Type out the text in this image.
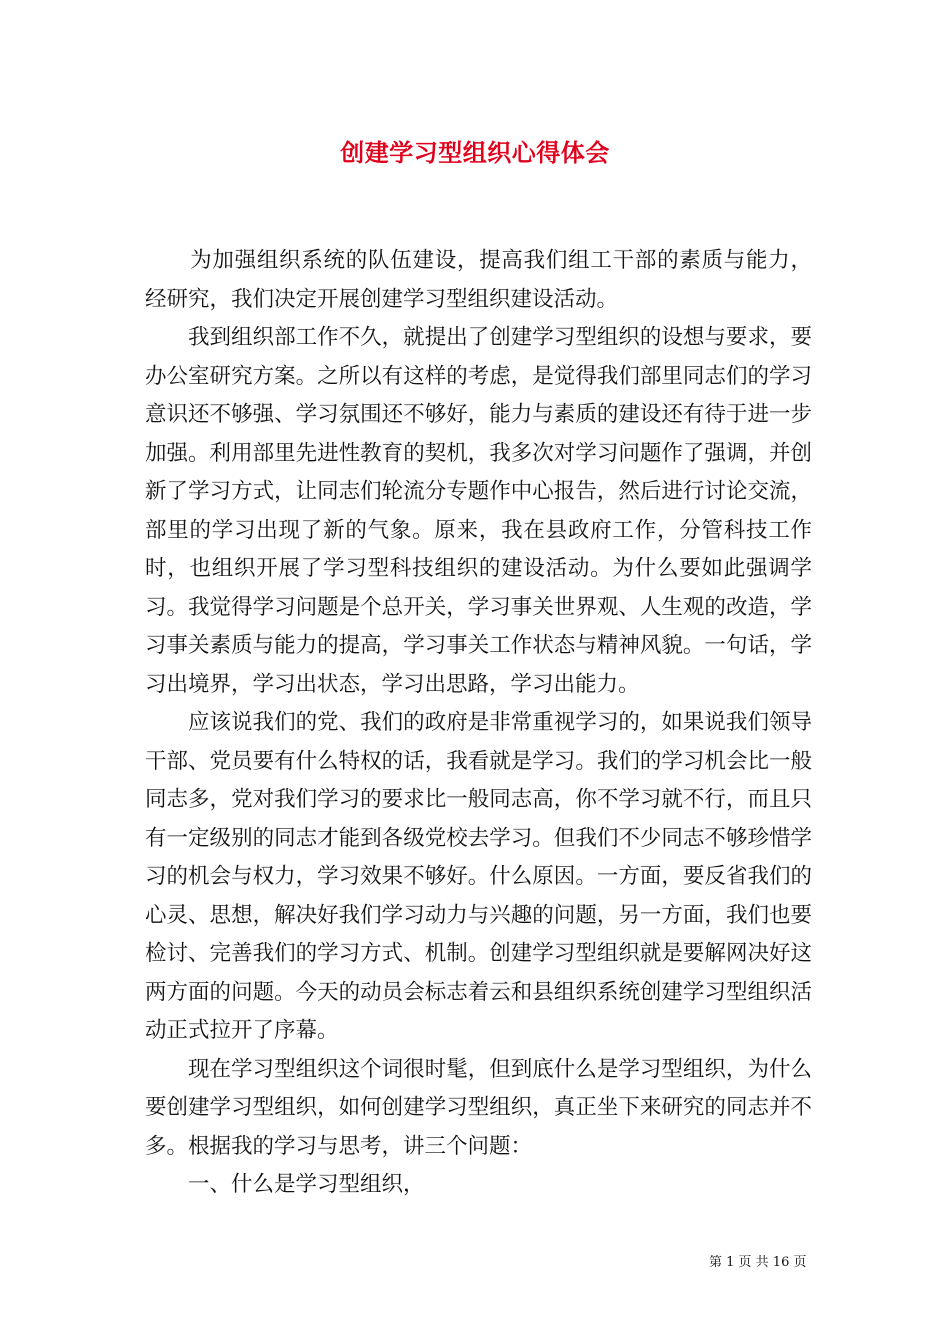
创建学习型组织心得体会

为加强组织系统的队伍建设，提高我们组工干部的素质与能力，经研究，我们决定开展创建学习型组织建设活动。

我到组织部工作不久，就提出了创建学习型组织的设想与要求，要办公室研究方案。之所以有这样的考虑，是觉得我们部里同志们的学习意识还不够强、学习氛围还不够好，能力与素质的建设还有待于进一步加强。利用部里先进性教育的契机，我多次对学习问题作了强调，并创新了学习方式，让同志们轮流分专题作中心报告，然后进行讨论交流，部里的学习出现了新的气象。原来，我在县政府工作，分管科技工作时，也组织开展了学习型科技组织的建设活动。为什么要如此强调学习。我觉得学习问题是个总开关，学习事关世界观、人生观的改造，学习事关素质与能力的提高，学习事关工作状态与精神风貌。一句话，学习出境界，学习出状态，学习出思路，学习出能力。

应该说我们的党、我们的政府是非常重视学习的，如果说我们领导干部、党员要有什么特权的话，我看就是学习。我们的学习机会比一般同志多，党对我们学习的要求比一般同志高，你不学习就不行，而且只有一定级别的同志才能到各级党校去学习。但我们不少同志不够珍惜学习的机会与权力，学习效果不够好。什么原因。一方面，要反省我们的心灵、思想，解决好我们学习动力与兴趣的问题，另一方面，我们也要检讨、完善我们的学习方式、机制。创建学习型组织就是要解网决好这两方面的问题。今天的动员会标志着云和县组织系统创建学习型组织活动正式拉开了序幕。

现在学习型组织这个词很时髦，但到底什么是学习型组织，为什么要创建学习型组织，如何创建学习型组织，真正坐下来研究的同志并不多。根据我的学习与思考，讲三个问题：

一、什么是学习型组织，

第 1 页 共 16 页
